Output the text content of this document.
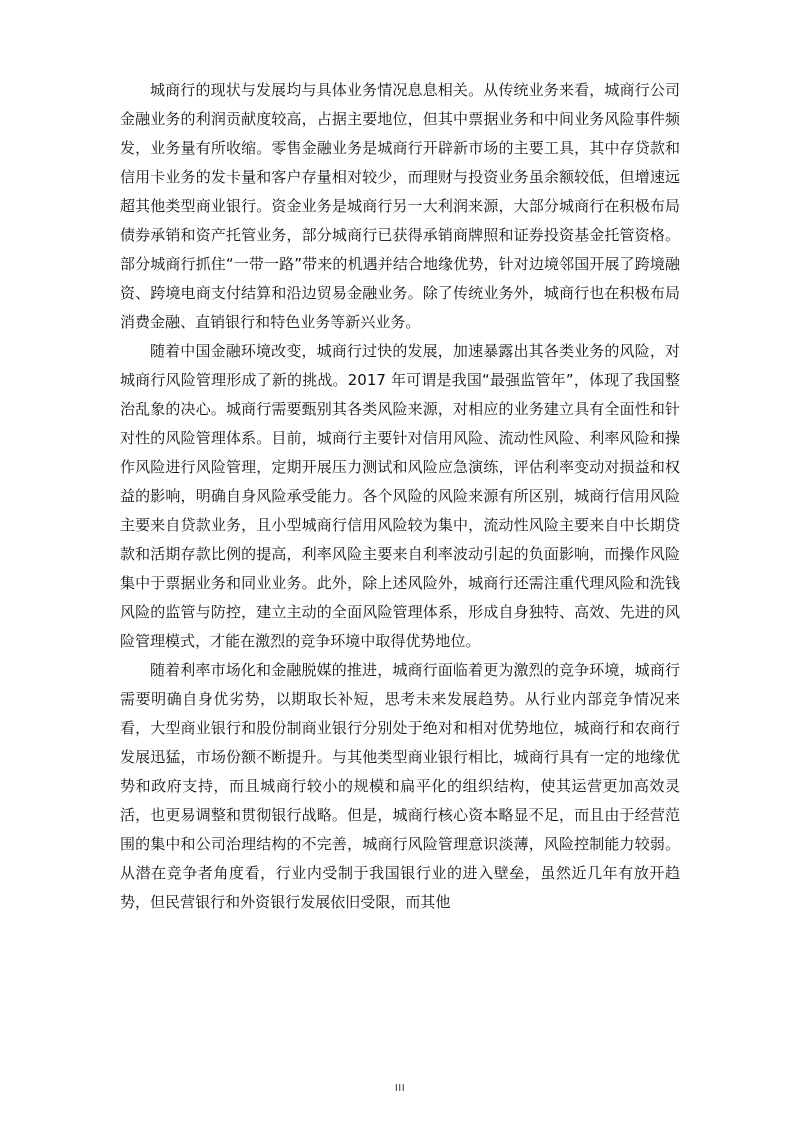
城商行的现状与发展均与具体业务情况息息相关。从传统业务来看，城商行公司金融业务的利润贡献度较高，占据主要地位，但其中票据业务和中间业务风险事件频发，业务量有所收缩。零售金融业务是城商行开辟新市场的主要工具，其中存贷款和信用卡业务的发卡量和客户存量相对较少，而理财与投资业务虽余额较低，但增速远超其他类型商业银行。资金业务是城商行另一大利润来源，大部分城商行在积极布局债券承销和资产托管业务，部分城商行已获得承销商牌照和证券投资基金托管资格。部分城商行抓住“一带一路”带来的机遇并结合地缘优势，针对边境邻国开展了跨境融资、跨境电商支付结算和沿边贸易金融业务。除了传统业务外，城商行也在积极布局消费金融、直销银行和特色业务等新兴业务。

随着中国金融环境改变，城商行过快的发展，加速暴露出其各类业务的风险，对城商行风险管理形成了新的挑战。2017 年可谓是我国“最强监管年”，体现了我国整治乱象的决心。城商行需要甄别其各类风险来源，对相应的业务建立具有全面性和针对性的风险管理体系。目前，城商行主要针对信用风险、流动性风险、利率风险和操作风险进行风险管理，定期开展压力测试和风险应急演练，评估利率变动对损益和权益的影响，明确自身风险承受能力。各个风险的风险来源有所区别，城商行信用风险主要来自贷款业务，且小型城商行信用风险较为集中，流动性风险主要来自中长期贷款和活期存款比例的提高，利率风险主要来自利率波动引起的负面影响，而操作风险集中于票据业务和同业业务。此外，除上述风险外，城商行还需注重代理风险和洗钱风险的监管与防控，建立主动的全面风险管理体系，形成自身独特、高效、先进的风险管理模式，才能在激烈的竞争环境中取得优势地位。

随着利率市场化和金融脱媒的推进，城商行面临着更为激烈的竞争环境，城商行需要明确自身优劣势，以期取长补短，思考未来发展趋势。从行业内部竞争情况来看，大型商业银行和股份制商业银行分别处于绝对和相对优势地位，城商行和农商行发展迅猛，市场份额不断提升。与其他类型商业银行相比，城商行具有一定的地缘优势和政府支持，而且城商行较小的规模和扁平化的组织结构，使其运营更加高效灵活，也更易调整和贯彻银行战略。但是，城商行核心资本略显不足，而且由于经营范围的集中和公司治理结构的不完善，城商行风险管理意识淡薄，风险控制能力较弱。从潜在竞争者角度看，行业内受制于我国银行业的进入壁垒，虽然近几年有放开趋势，但民营银行和外资银行发展依旧受限，而其他

III
